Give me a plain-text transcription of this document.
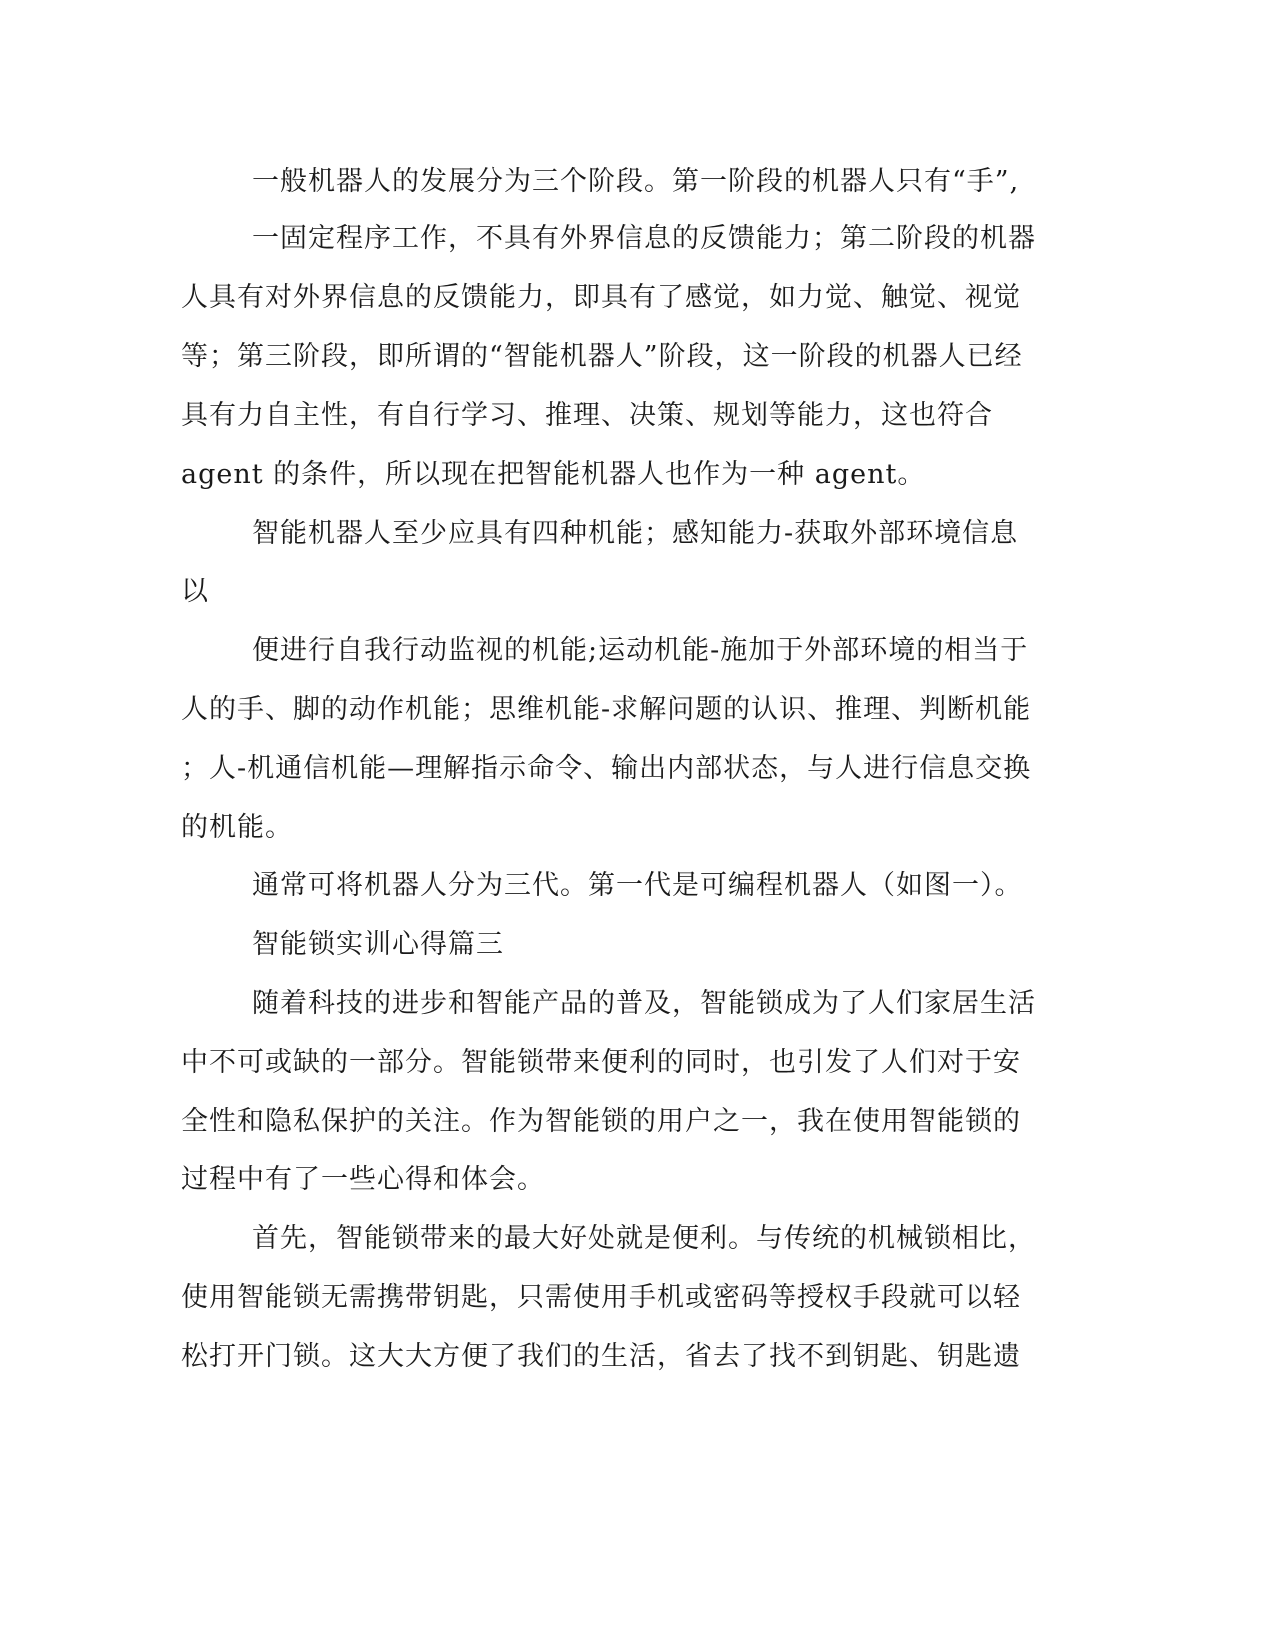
一般机器人的发展分为三个阶段。第一阶段的机器人只有“手”,
一固定程序工作，不具有外界信息的反馈能力；第二阶段的机器
人具有对外界信息的反馈能力，即具有了感觉，如力觉、触觉、视觉
等；第三阶段，即所谓的“智能机器人”阶段，这一阶段的机器人已经
具有力自主性，有自行学习、推理、决策、规划等能力，这也符合
agent 的条件，所以现在把智能机器人也作为一种 agent。
智能机器人至少应具有四种机能；感知能力-获取外部环境信息
以
便进行自我行动监视的机能;运动机能-施加于外部环境的相当于
人的手、脚的动作机能；思维机能-求解问题的认识、推理、判断机能
；人-机通信机能—理解指示命令、输出内部状态，与人进行信息交换
的机能。
通常可将机器人分为三代。第一代是可编程机器人（如图一）。
智能锁实训心得篇三
随着科技的进步和智能产品的普及，智能锁成为了人们家居生活
中不可或缺的一部分。智能锁带来便利的同时，也引发了人们对于安
全性和隐私保护的关注。作为智能锁的用户之一，我在使用智能锁的
过程中有了一些心得和体会。
首先，智能锁带来的最大好处就是便利。与传统的机械锁相比，
使用智能锁无需携带钥匙，只需使用手机或密码等授权手段就可以轻
松打开门锁。这大大方便了我们的生活，省去了找不到钥匙、钥匙遗
